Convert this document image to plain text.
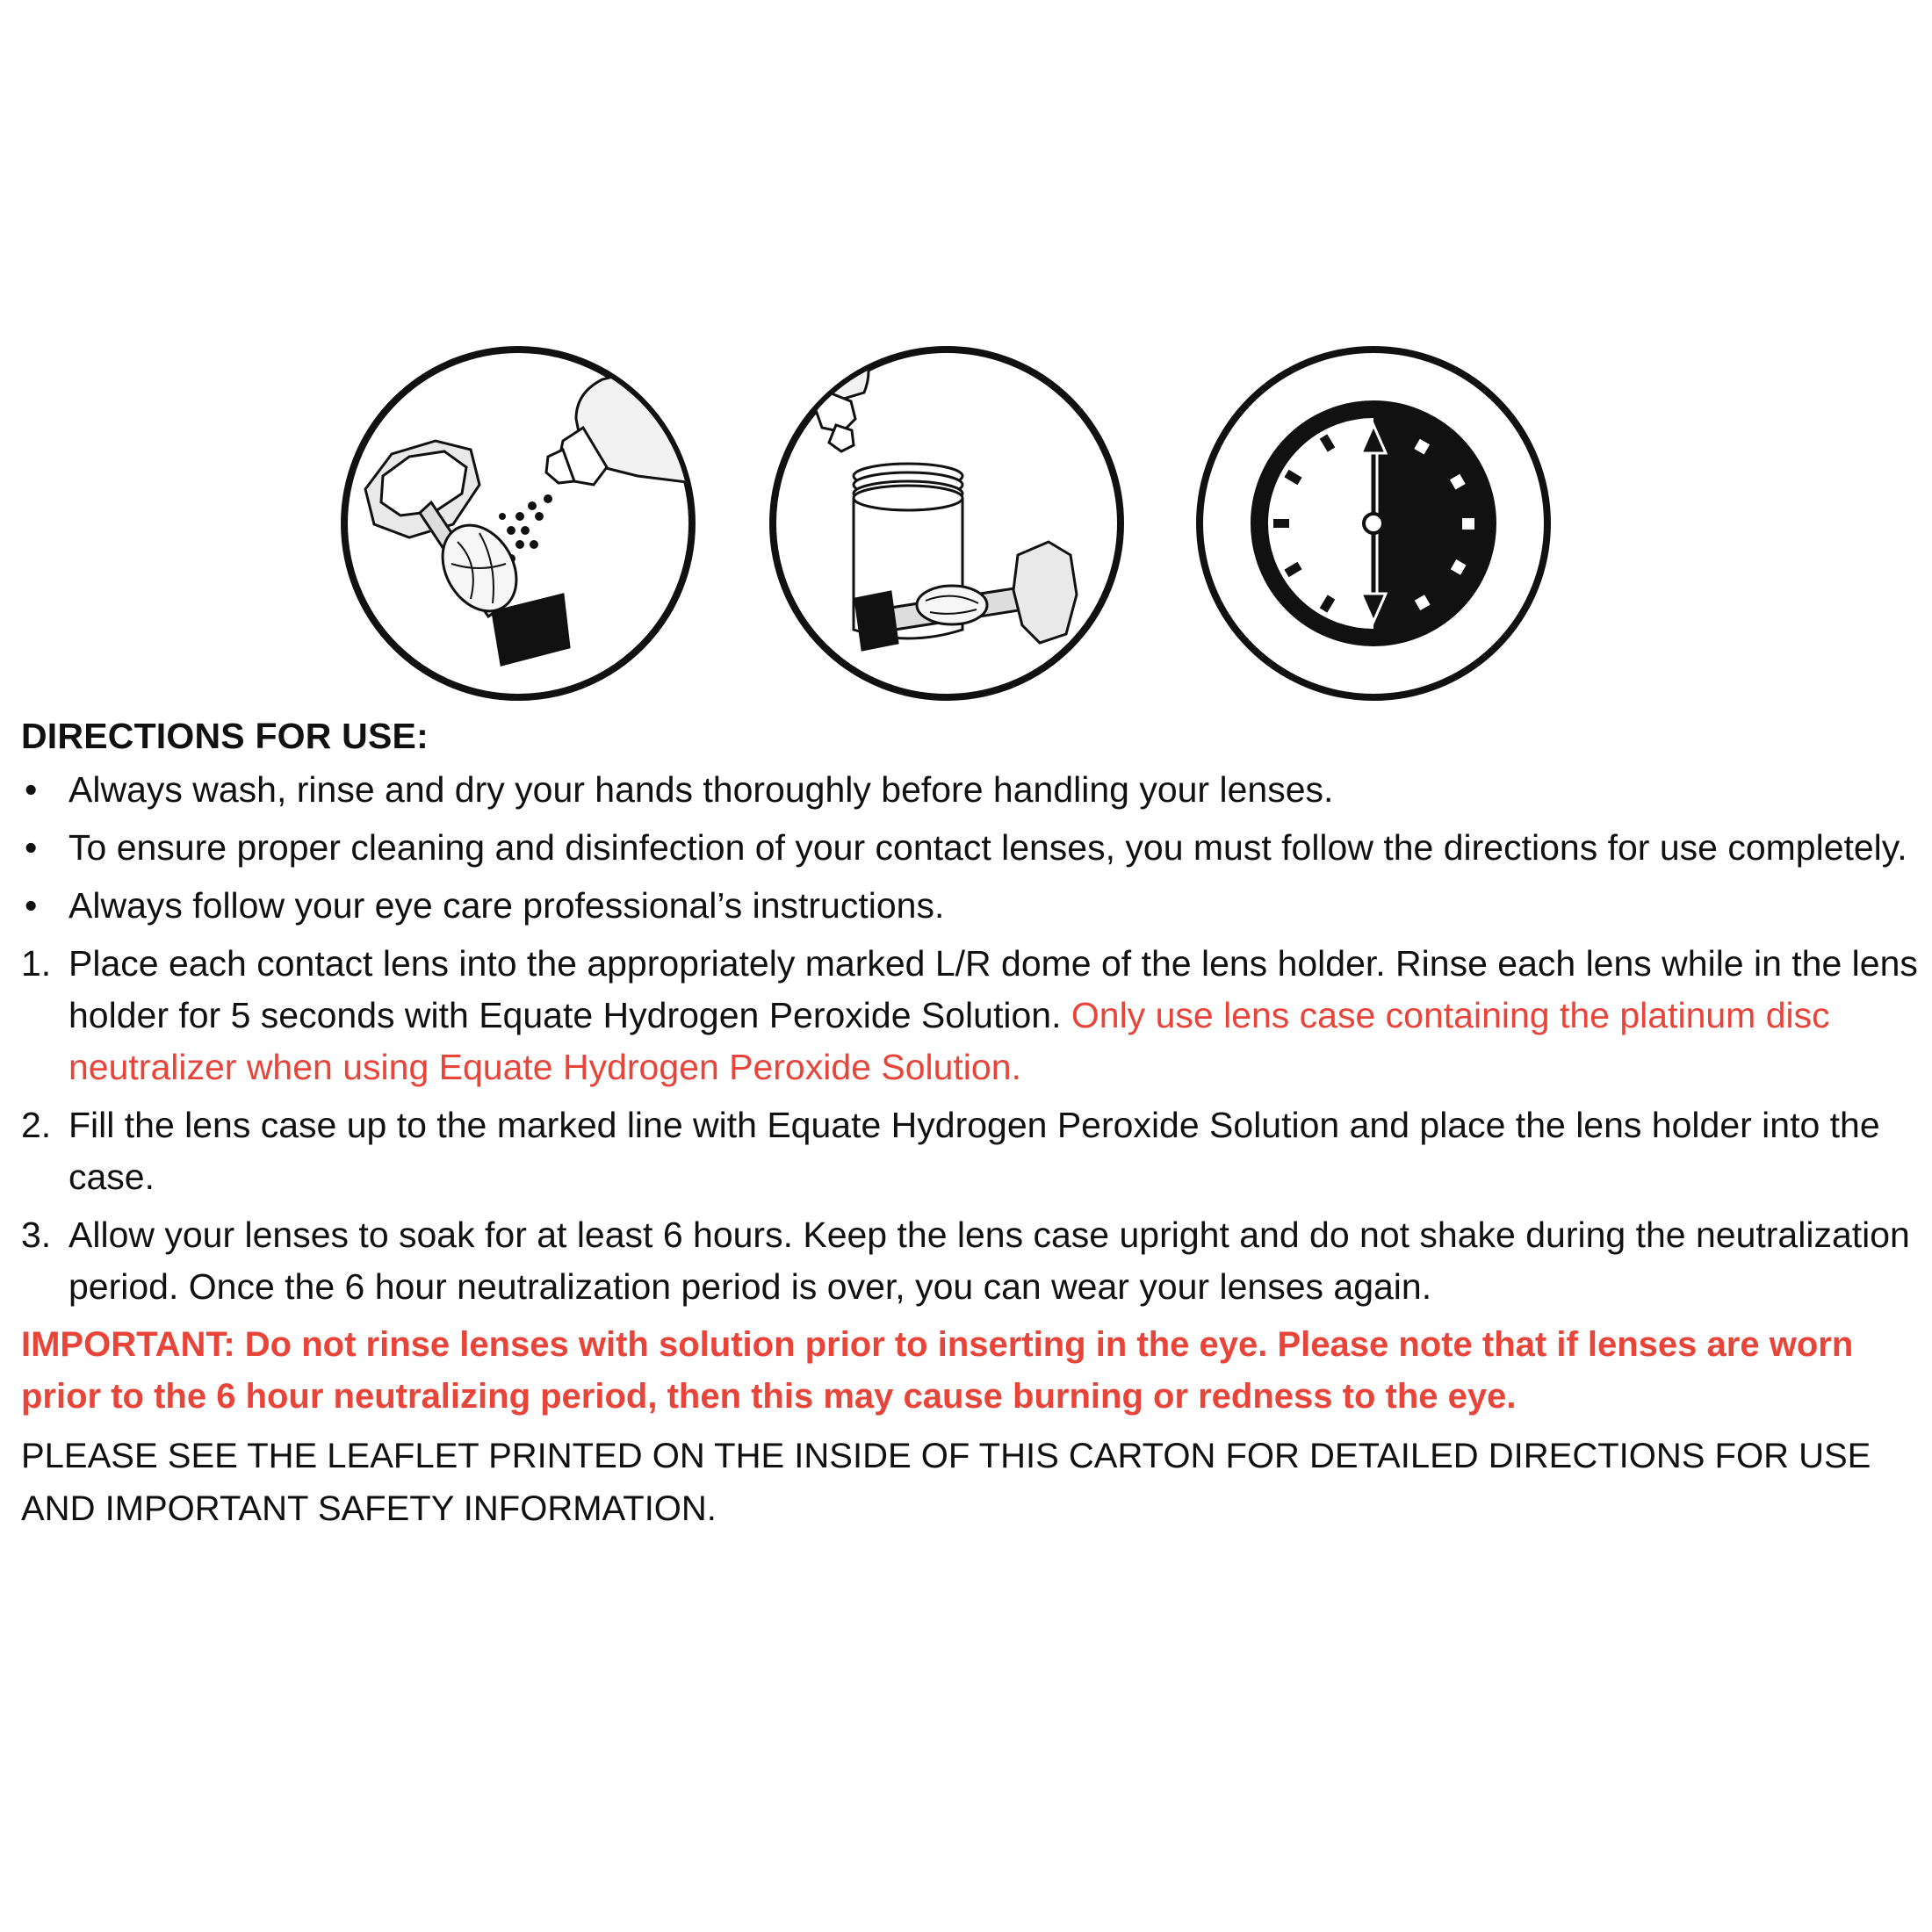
DIRECTIONS FOR USE:
• Always wash, rinse and dry your hands thoroughly before handling your lenses.
• To ensure proper cleaning and disinfection of your contact lenses, you must follow the directions for use completely.
• Always follow your eye care professional’s instructions.
1. Place each contact lens into the appropriately marked L/R dome of the lens holder. Rinse each lens while in the lens holder for 5 seconds with Equate Hydrogen Peroxide Solution. Only use lens case containing the platinum disc neutralizer when using Equate Hydrogen Peroxide Solution.
2. Fill the lens case up to the marked line with Equate Hydrogen Peroxide Solution and place the lens holder into the case.
3. Allow your lenses to soak for at least 6 hours. Keep the lens case upright and do not shake during the neutralization period. Once the 6 hour neutralization period is over, you can wear your lenses again.
IMPORTANT: Do not rinse lenses with solution prior to inserting in the eye. Please note that if lenses are worn prior to the 6 hour neutralizing period, then this may cause burning or redness to the eye.
PLEASE SEE THE LEAFLET PRINTED ON THE INSIDE OF THIS CARTON FOR DETAILED DIRECTIONS FOR USE AND IMPORTANT SAFETY INFORMATION.
